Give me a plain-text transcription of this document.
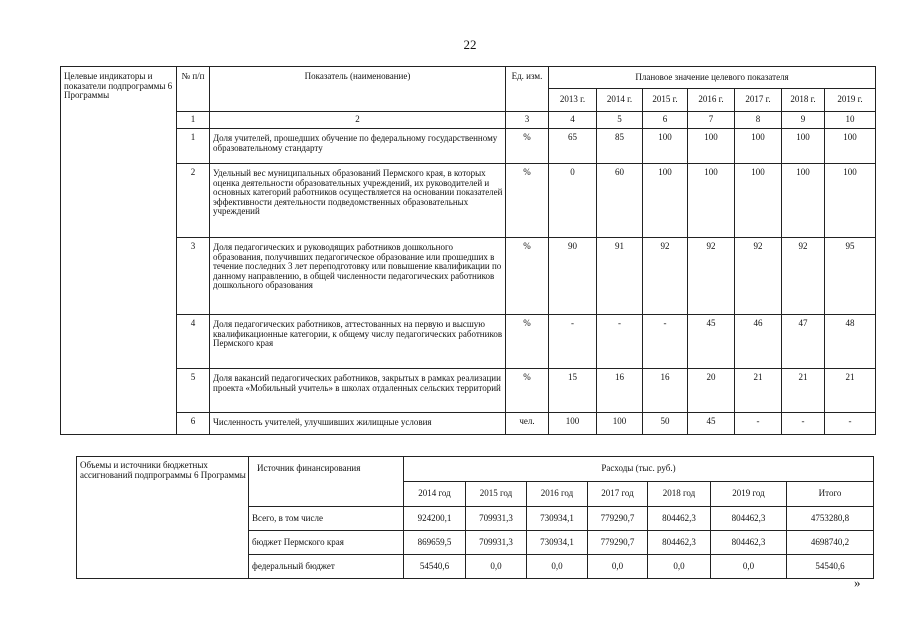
22
Целевые индикаторы и показатели подпрограммы 6 Программы	№ п/п	Показатель (наименование)	Ед. изм.	Плановое значение целевого показателя						
				2013 г.	2014 г.	2015 г.	2016 г.	2017 г.	2018 г.	2019 г.
	1	2	3	4	5	6	7	8	9	10
	1	Доля учителей, прошедших обучение по федеральному государственному образовательному стандарту	%	65	85	100	100	100	100	100
	2	Удельный вес муниципальных образований Пермского края, в которых оценка деятельности образовательных учреждений, их руководителей и основных категорий работников осуществляется на основании показателей эффективности деятельности подведомственных образовательных учреждений	%	0	60	100	100	100	100	100
	3	Доля педагогических и руководящих работников дошкольного образования, получивших педагогическое образование или прошедших в течение последних 3 лет переподготовку или повышение квалификации по данному направлению, в общей численности педагогических работников дошкольного образования	%	90	91	92	92	92	92	95
	4	Доля педагогических работников, аттестованных на первую и высшую квалификационные категории, к общему числу педагогических работников Пермского края	%	-	-	-	45	46	47	48
	5	Доля вакансий педагогических работников, закрытых в рамках реализации проекта «Мобильный учитель» в школах отдаленных сельских территорий	%	15	16	16	20	21	21	21
	6	Численность учителей, улучшивших жилищные условия	чел.	100	100	50	45	-	-	-
Объемы и источники бюджетных ассигнований подпрограммы 6 Программы	Источник финансирования	Расходы (тыс. руб.)						
		2014 год	2015 год	2016 год	2017 год	2018 год	2019 год	Итого
	Всего, в том числе	924200,1	709931,3	730934,1	779290,7	804462,3	804462,3	4753280,8
	бюджет Пермского края	869659,5	709931,3	730934,1	779290,7	804462,3	804462,3	4698740,2
	федеральный бюджет	54540,6	0,0	0,0	0,0	0,0	0,0	54540,6
»
